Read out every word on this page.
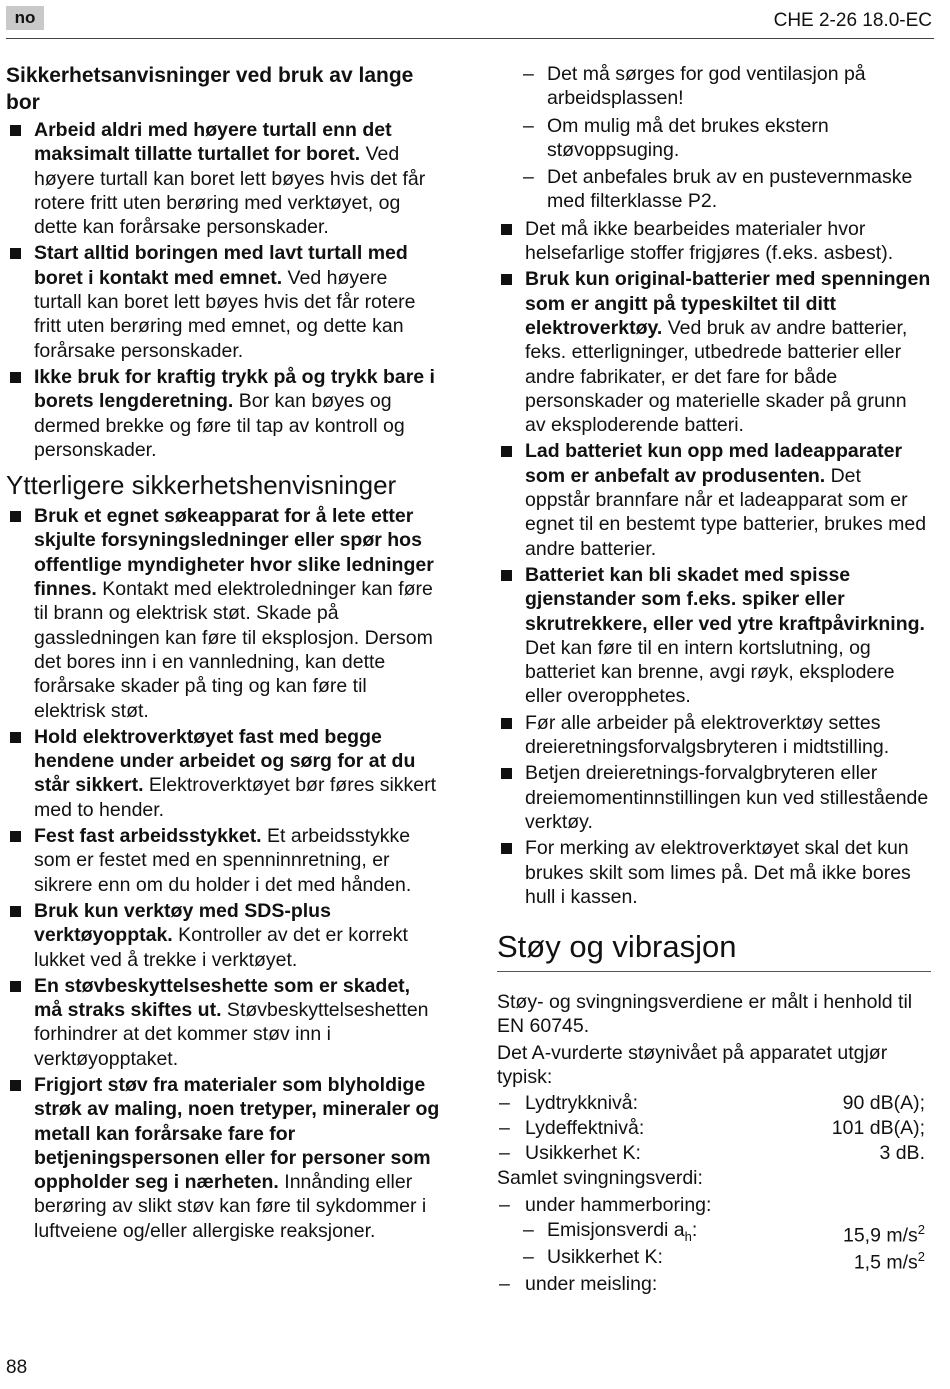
no	CHE 2-26 18.0-EC
Sikkerhetsanvisninger ved bruk av lange bor
Arbeid aldri med høyere turtall enn det maksimalt tillatte turtallet for boret. Ved høyere turtall kan boret lett bøyes hvis det får rotere fritt uten berøring med verktøyet, og dette kan forårsake personskader.
Start alltid boringen med lavt turtall med boret i kontakt med emnet. Ved høyere turtall kan boret lett bøyes hvis det får rotere fritt uten berøring med emnet, og dette kan forårsake personskader.
Ikke bruk for kraftig trykk på og trykk bare i borets lengderetning. Bor kan bøyes og dermed brekke og føre til tap av kontroll og personskader.
Ytterligere sikkerhetshenvisninger
Bruk et egnet søkeapparat for å lete etter skjulte forsyningsledninger eller spør hos offentlige myndigheter hvor slike ledninger finnes. Kontakt med elektroledninger kan føre til brann og elektrisk støt. Skade på gassledningen kan føre til eksplosjon. Dersom det bores inn i en vannledning, kan dette forårsake skader på ting og kan føre til elektrisk støt.
Hold elektroverktøyet fast med begge hendene under arbeidet og sørg for at du står sikkert. Elektroverktøyet bør føres sikkert med to hender.
Fest fast arbeidsstykket. Et arbeidsstykke som er festet med en spenninnretning, er sikrere enn om du holder i det med hånden.
Bruk kun verktøy med SDS-plus verktøyopptak. Kontroller av det er korrekt lukket ved å trekke i verktøyet.
En støvbeskyttelseshette som er skadet, må straks skiftes ut. Støvbeskyttelseshetten forhindrer at det kommer støv inn i verktøyopptaket.
Frigjort støv fra materialer som blyholdige strøk av maling, noen tretyper, mineraler og metall kan forårsake fare for betjeningspersonen eller for personer som oppholder seg i nærheten. Innånding eller berøring av slikt støv kan føre til sykdommer i luftveiene og/eller allergiske reaksjoner.
– Det må sørges for god ventilasjon på arbeidsplassen!
– Om mulig må det brukes ekstern støvoppsuging.
– Det anbefales bruk av en pustevernmaske med filterklasse P2.
Det må ikke bearbeides materialer hvor helsefarlige stoffer frigjøres (f.eks. asbest).
Bruk kun original-batterier med spenningen som er angitt på typeskiltet til ditt elektroverktøy. Ved bruk av andre batterier, feks. etterligninger, utbedrede batterier eller andre fabrikater, er det fare for både personskader og materielle skader på grunn av eksploderende batteri.
Lad batteriet kun opp med ladeapparater som er anbefalt av produsenten. Det oppstår brannfare når et ladeapparat som er egnet til en bestemt type batterier, brukes med andre batterier.
Batteriet kan bli skadet med spisse gjenstander som f.eks. spiker eller skrutrekkere, eller ved ytre kraftpåvirkning. Det kan føre til en intern kortslutning, og batteriet kan brenne, avgi røyk, eksplodere eller overopphetes.
Før alle arbeider på elektroverktøy settes dreieretningsforvalgsbryteren i midtstilling.
Betjen dreieretnings-forvalgbryteren eller dreiemomentinnstillingen kun ved stillestående verktøy.
For merking av elektroverktøyet skal det kun brukes skilt som limes på. Det må ikke bores hull i kassen.
Støy og vibrasjon
Støy- og svingningsverdiene er målt i henhold til EN 60745.
Det A-vurderte støynivået på apparatet utgjør typisk:
– Lydtrykknivå:	90 dB(A);
– Lydeffektnivå:	101 dB(A);
– Usikkerhet K:	3 dB.
Samlet svingningsverdi:
– under hammerboring:
– Emisjonsverdi $a_h$:	15,9 $m/s^2$
– Usikkerhet K:	1,5 $m/s^2$
– under meisling:
88
